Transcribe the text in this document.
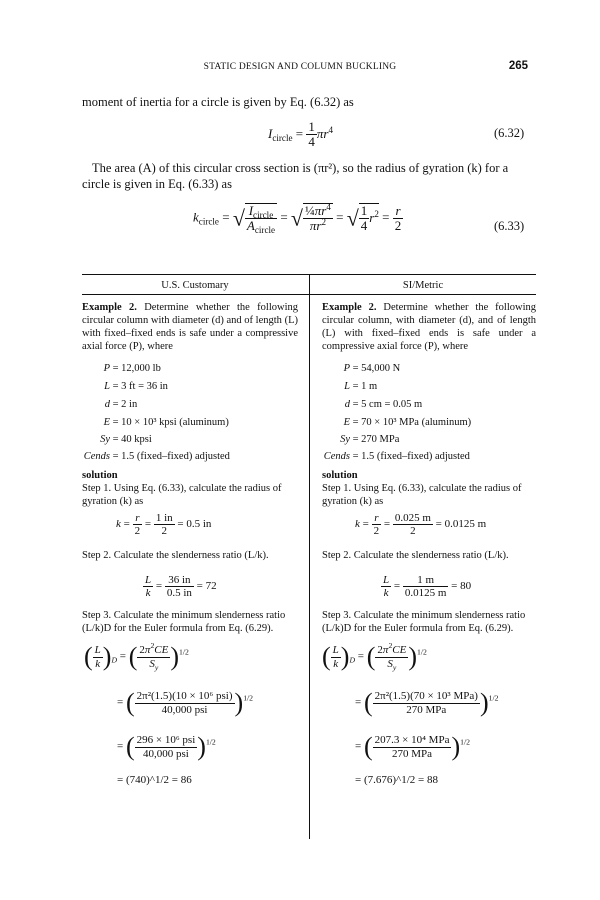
STATIC DESIGN AND COLUMN BUCKLING	265
moment of inertia for a circle is given by Eq. (6.32) as
$I_{circle} = \frac{1}{4} \pi r^4$	(6.32)
The area (A) of this circular cross section is (πr²), so the radius of gyration (k) for a circle is given in Eq. (6.33) as
$k_{circle}$ = √ $\frac{I_{circle}}{A_{circle}}$ = √ $\frac{\frac{1}{4}\pi r^4}{\pi r^2}$ = √ $\frac{1}{4} r^2 = \frac{r}{2}$	(6.33)
U.S. Customary	SI/Metric
Example 2. Determine whether the following circular column with diameter (d) and of length (L) with fixed–fixed ends is safe under a compressive axial force (P), where
P = 12,000 lb
L = 3 ft = 36 in
d = 2 in
E = 10 × 10³ kpsi (aluminum)
Sy = 40 kpsi
Cends = 1.5 (fixed–fixed) adjusted
solution
Step 1. Using Eq. (6.33), calculate the radius of gyration (k) as
$k = \frac{r}{2} = \frac{1 in}{2} = 0.5$ in
Step 2. Calculate the slenderness ratio (L/k).
$\frac{L}{k} = \frac{36 in}{0.5 in} = 72$
Step 3. Calculate the minimum slenderness ratio (L/k)D for the Euler formula from Eq. (6.29).
( $\frac{L}{k} )_D$ = ( $\frac{2\pi^2CE}{S_y} )^{1/2}$
= ( $\frac{\text{2π²(1.5)(10 × 10⁶ psi)}}{\text{40,000 psi}} )^{1/2}$
= ( $\frac{\text{296 × 10⁶ psi}}{\text{40,000 psi}} )^{1/2}$
= (740)^1/2 = 86
Example 2. Determine whether the following circular column, with diameter (d), and of length (L) with fixed–fixed ends is safe under a compressive axial force (P), where
P = 54,000 N
L = 1 m
d = 5 cm = 0.05 m
E = 70 × 10³ MPa (aluminum)
Sy = 270 MPa
Cends = 1.5 (fixed–fixed) adjusted
solution
Step 1. Using Eq. (6.33), calculate the radius of gyration (k) as
$k = \frac{r}{2} = \frac{0.025 m}{2} = 0.0125$ m
Step 2. Calculate the slenderness ratio (L/k).
$\frac{L}{k} = \frac{1 m}{0.0125 m} = 80$
Step 3. Calculate the minimum slenderness ratio (L/k)D for the Euler formula from Eq. (6.29).
( $\frac{L}{k} )_D$ = ( $\frac{2\pi^2CE}{S_y} )^{1/2}$
= ( $\frac{\text{2π²(1.5)(70 × 10³ MPa)}}{\text{270 MPa}} )^{1/2}$
= ( $\frac{\text{207.3 × 10⁴ MPa}}{\text{270 MPa}} )^{1/2}$
= (7.676)^1/2 = 88
